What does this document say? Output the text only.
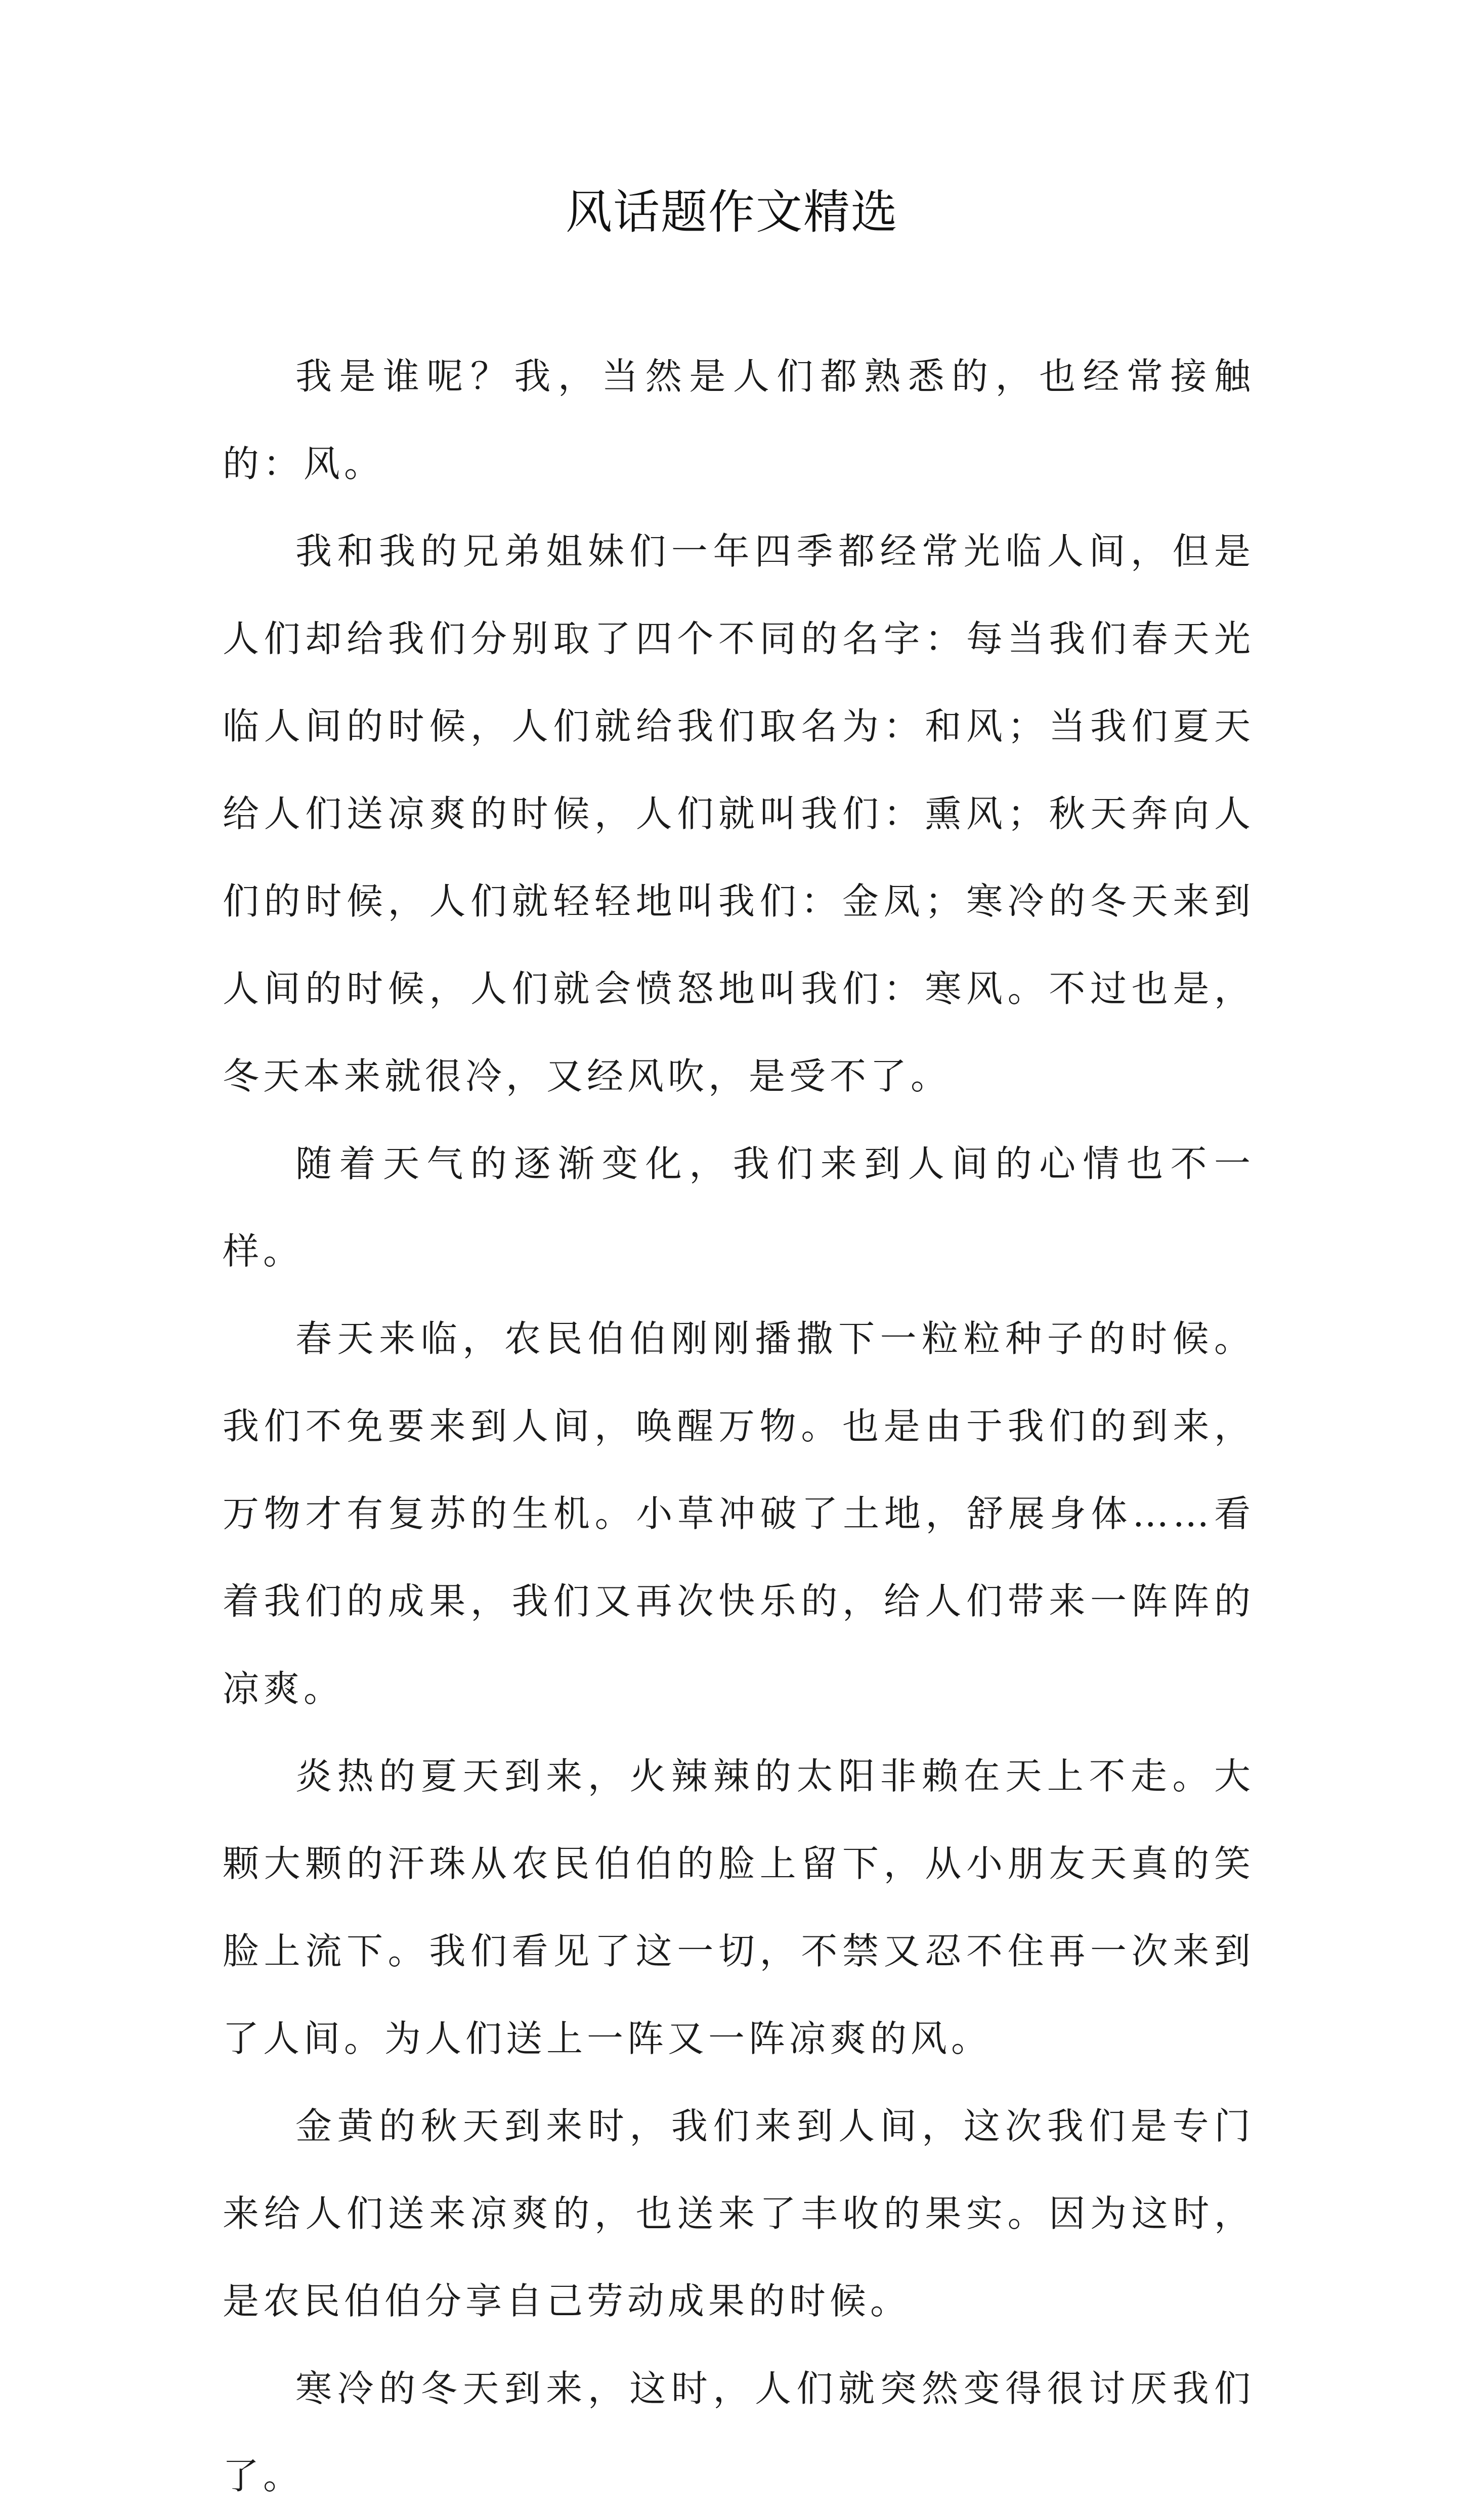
风话题作文精选

我是谁呢？我，当然是人们都熟悉的，也经常接触的：风。

我和我的兄弟姐妹们一年四季都经常光临人间，但是人们却给我们分别取了四个不同的名字：每当我们春天光临人间的时候，人们就给我们取名为：和风；当我们夏天给人们送凉爽的时候，人们就叫我们：熏风；秋天奔向人们的时候，人们就轻轻地叫我们：金凤；寒冷的冬天来到人间的时候，人们就会愤怒地叫我们：寒风。不过也是，冬天本来就很冷，又经风吹，是受不了。

随着天气的逐渐变化，我们来到人间的心情也不一样。

春天来临，农民伯伯刚刚播撒下一粒粒种子的时候。我们不免要来到人间，唤醒万物。也是由于我们的到来，万物才有复苏的生机。小草冲破了土地，舒展身体……看着我们的成果，我们又再次快乐的，给人们带来一阵阵的凉爽。

炎热的夏天到来，火辣辣的太阳非赖在天上不走。大颗大颗的汗珠从农民伯伯的脸上留下，从小朋友天真的笑脸上流下。我们看见了这一切，不禁又忍不住再一次来到了人间。为人们送上一阵又一阵凉爽的风。

金黄的秋天到来时，我们来到人间，这次我们是专门来给人们送来凉爽的，也送来了丰收的果实。因为这时，是农民伯伯分享自己劳动成果的时候。

寒冷的冬天到来，这时，人们就突然变得很讨厌我们了。
